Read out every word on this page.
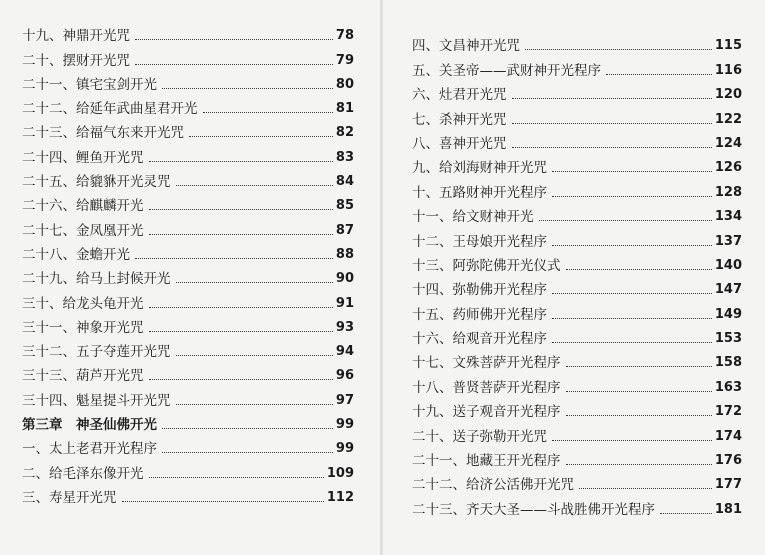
十九、神鼎开光咒	78
二十、摆财开光咒	79
二十一、镇宅宝剑开光	80
二十二、给延年武曲星君开光	81
二十三、给福气东来开光咒	82
二十四、鲤鱼开光咒	83
二十五、给貔貅开光灵咒	84
二十六、给麒麟开光	85
二十七、金凤凰开光	87
二十八、金蟾开光	88
二十九、给马上封候开光	90
三十、给龙头龟开光	91
三十一、神象开光咒	93
三十二、五子夺莲开光咒	94
三十三、葫芦开光咒	96
三十四、魁星提斗开光咒	97
第三章　神圣仙佛开光	99
一、太上老君开光程序	99
二、给毛泽东像开光	109
三、寿星开光咒	112
四、文昌神开光咒	115
五、关圣帝——武财神开光程序	116
六、灶君开光咒	120
七、杀神开光咒	122
八、喜神开光咒	124
九、给刘海财神开光咒	126
十、五路财神开光程序	128
十一、给文财神开光	134
十二、王母娘开光程序	137
十三、阿弥陀佛开光仪式	140
十四、弥勒佛开光程序	147
十五、药师佛开光程序	149
十六、给观音开光程序	153
十七、文殊菩萨开光程序	158
十八、普贤菩萨开光程序	163
十九、送子观音开光程序	172
二十、送子弥勒开光咒	174
二十一、地藏王开光程序	176
二十二、给济公活佛开光咒	177
二十三、齐天大圣——斗战胜佛开光程序	181
